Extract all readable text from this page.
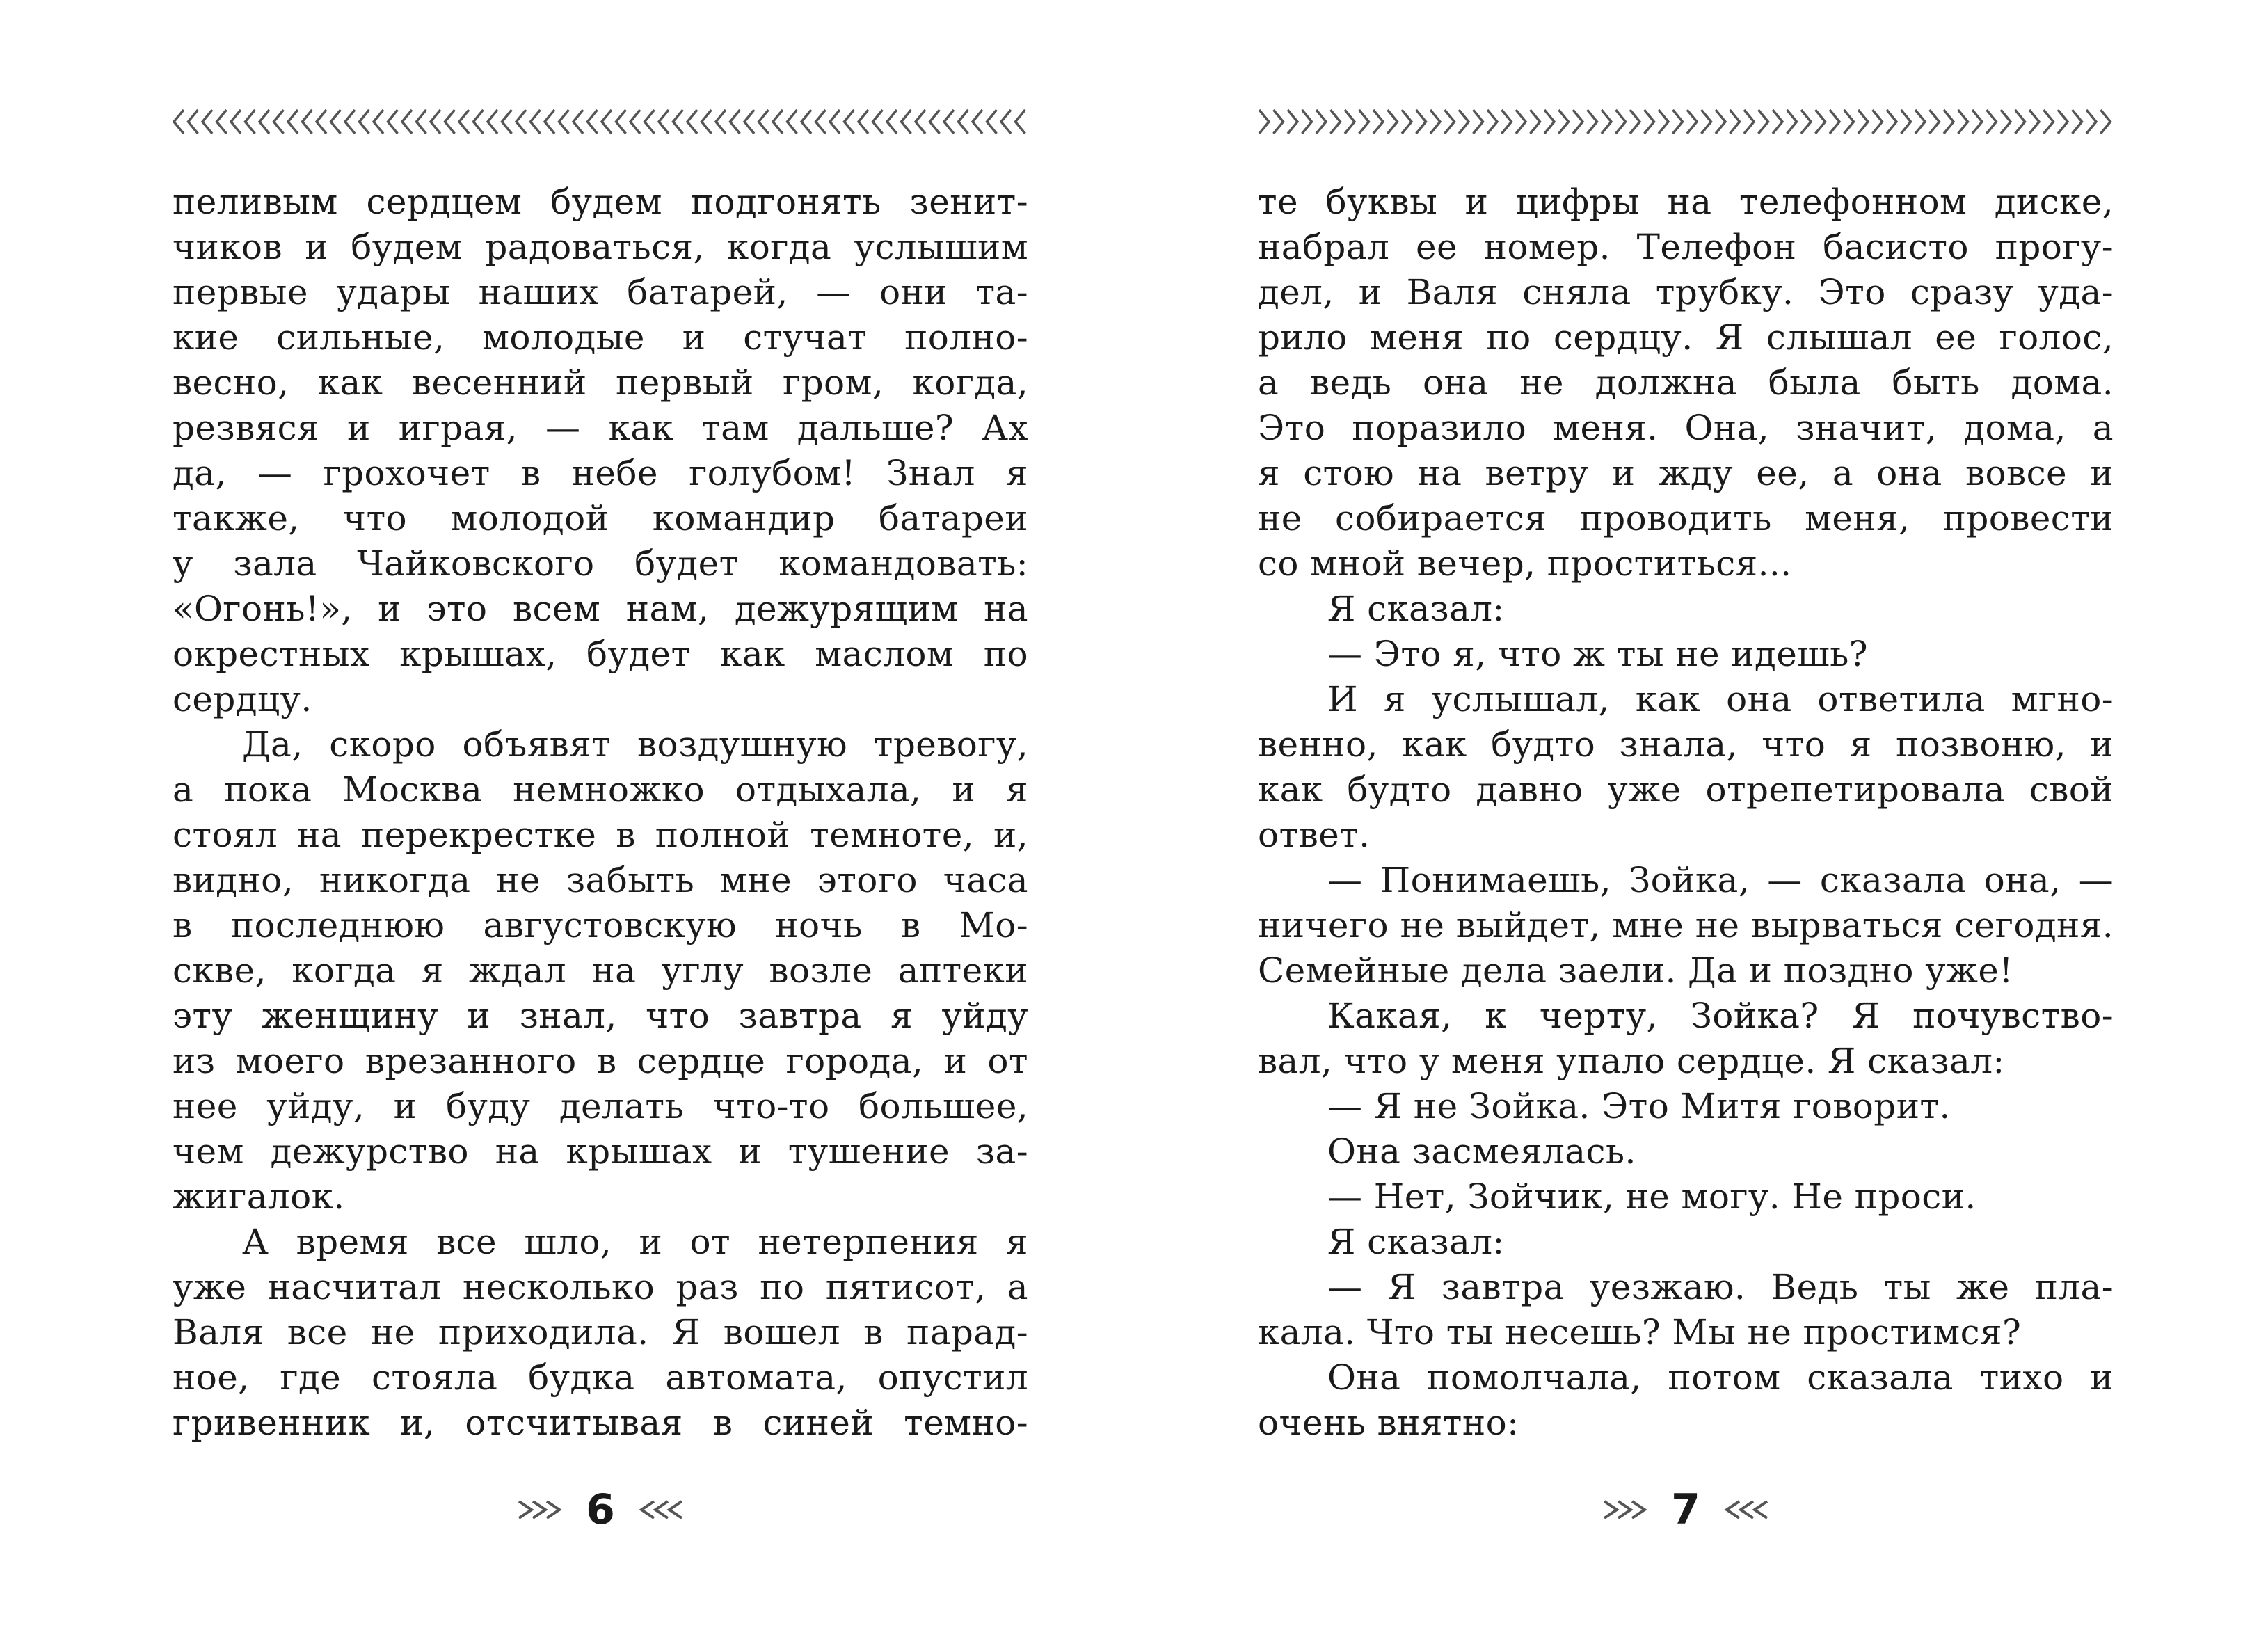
пеливым сердцем будем подгонять зенит-

чиков и будем радоваться, когда услышим

первые удары наших батарей, — они та-

кие сильные, молодые и стучат полно-

весно, как весенний первый гром, когда,

резвяся и играя, — как там дальше? Ах

да, — грохочет в небе голубом! Знал я

также, что молодой командир батареи

у зала Чайковского будет командовать:

«Огонь!», и это всем нам, дежурящим на

окрестных крышах, будет как маслом по

сердцу.

Да, скоро объявят воздушную тревогу,

а пока Москва немножко отдыхала, и я

стоял на перекрестке в полной темноте, и,

видно, никогда не забыть мне этого часа

в последнюю августовскую ночь в Мо-

скве, когда я ждал на углу возле аптеки

эту женщину и знал, что завтра я уйду

из моего врезанного в сердце города, и от

нее уйду, и буду делать что-то большее,

чем дежурство на крышах и тушение за-

жигалок.

А время все шло, и от нетерпения я

уже насчитал несколько раз по пятисот, а

Валя все не приходила. Я вошел в парад-

ное, где стояла будка автомата, опустил

гривенник и, отсчитывая в синей темно-

6

те буквы и цифры на телефонном диске,

набрал ее номер. Телефон басисто прогу-

дел, и Валя сняла трубку. Это сразу уда-

рило меня по сердцу. Я слышал ее голос,

а ведь она не должна была быть дома.

Это поразило меня. Она, значит, дома, а

я стою на ветру и жду ее, а она вовсе и

не собирается проводить меня, провести

со мной вечер, проститься...

Я сказал:

— Это я, что ж ты не идешь?

И я услышал, как она ответила мгно-

венно, как будто знала, что я позвоню, и

как будто давно уже отрепетировала свой

ответ.

— Понимаешь, Зойка, — сказала она, —

ничего не выйдет, мне не вырваться сегодня.

Семейные дела заели. Да и поздно уже!

Какая, к черту, Зойка? Я почувство-

вал, что у меня упало сердце. Я сказал:

— Я не Зойка. Это Митя говорит.

Она засмеялась.

— Нет, Зойчик, не могу. Не проси.

Я сказал:

— Я завтра уезжаю. Ведь ты же пла-

кала. Что ты несешь? Мы не простимся?

Она помолчала, потом сказала тихо и

очень внятно:

7
